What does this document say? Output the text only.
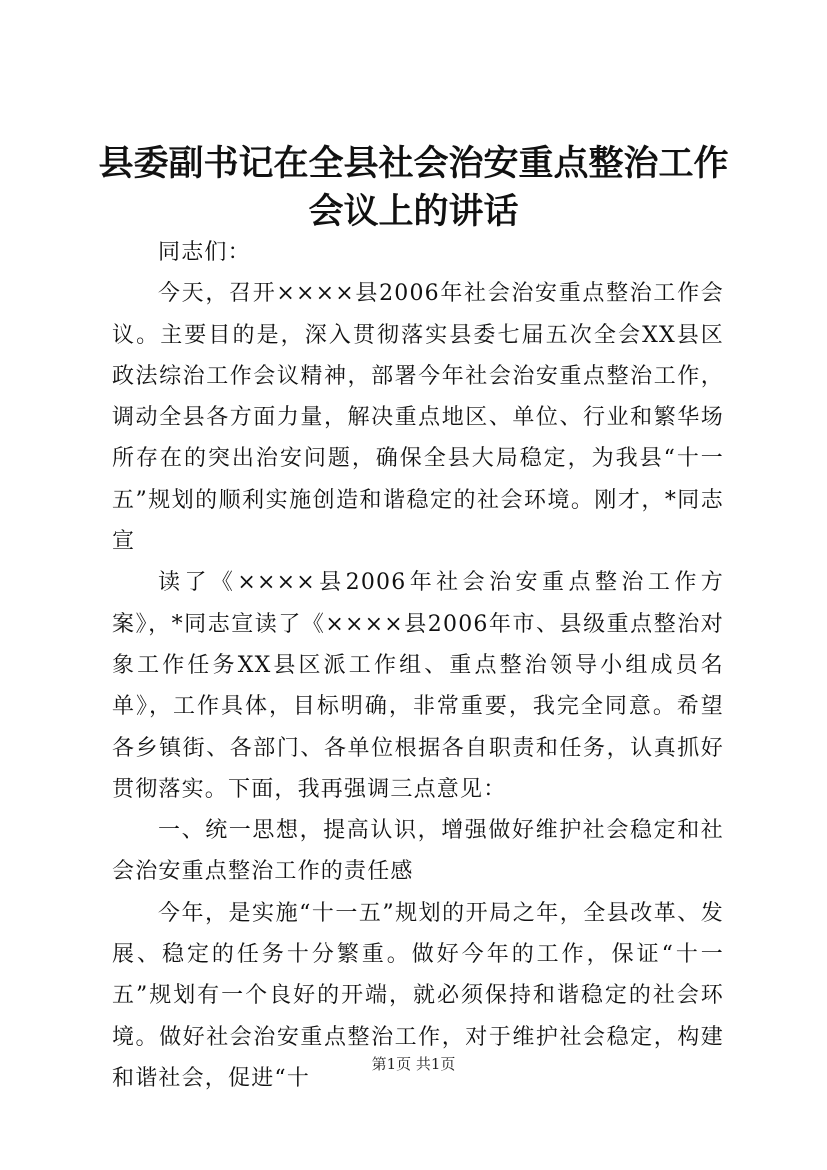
县委副书记在全县社会治安重点整治工作会议上的讲话

同志们：

今天，召开××××县2006年社会治安重点整治工作会议。主要目的是，深入贯彻落实县委七届五次全会XX县区政法综治工作会议精神，部署今年社会治安重点整治工作，调动全县各方面力量，解决重点地区、单位、行业和繁华场所存在的突出治安问题，确保全县大局稳定，为我县“十一五”规划的顺利实施创造和谐稳定的社会环境。刚才，*同志宣

读了《××××县2006年社会治安重点整治工作方案》，*同志宣读了《××××县2006年市、县级重点整治对象工作任务XX县区派工作组、重点整治领导小组成员名单》，工作具体，目标明确，非常重要，我完全同意。希望各乡镇街、各部门、各单位根据各自职责和任务，认真抓好贯彻落实。下面，我再强调三点意见：

一、统一思想，提高认识，增强做好维护社会稳定和社会治安重点整治工作的责任感

今年，是实施“十一五”规划的开局之年，全县改革、发展、稳定的任务十分繁重。做好今年的工作，保证“十一五”规划有一个良好的开端，就必须保持和谐稳定的社会环境。做好社会治安重点整治工作，对于维护社会稳定，构建和谐社会，促进“十

第1页 共1页
